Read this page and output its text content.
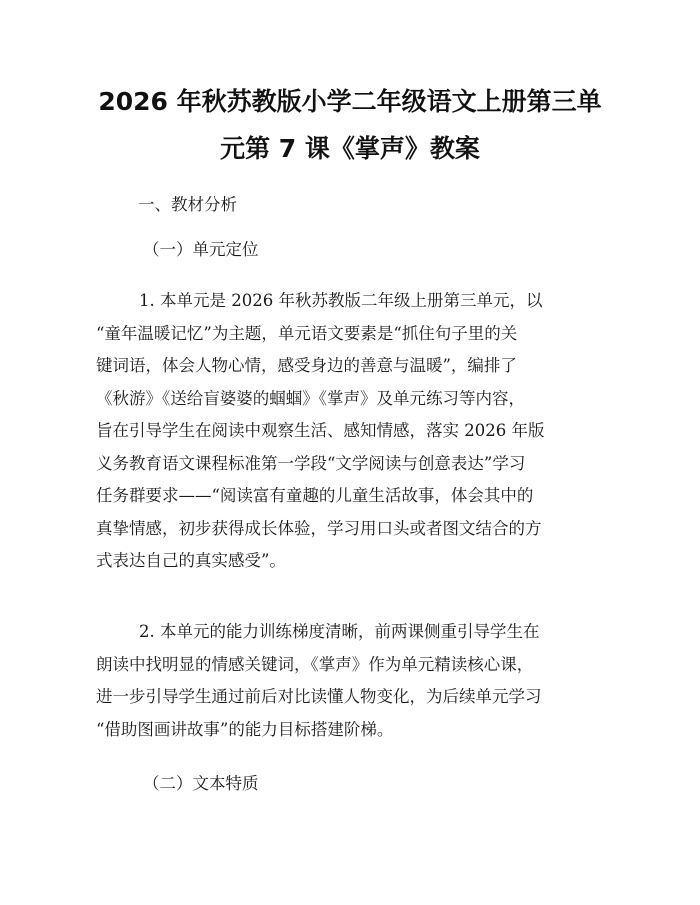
2026 年秋苏教版小学二年级语文上册第三单
元第 7 课《掌声》教案

一、教材分析

（一）单元定位

1. 本单元是 2026 年秋苏教版二年级上册第三单元，以
“童年温暖记忆”为主题，单元语文要素是“抓住句子里的关
键词语，体会人物心情，感受身边的善意与温暖”，编排了
《秋游》《送给盲婆婆的蝈蝈》《掌声》及单元练习等内容，
旨在引导学生在阅读中观察生活、感知情感，落实 2026 年版
义务教育语文课程标准第一学段“文学阅读与创意表达”学习
任务群要求——“阅读富有童趣的儿童生活故事，体会其中的
真挚情感，初步获得成长体验，学习用口头或者图文结合的方
式表达自己的真实感受”。
2. 本单元的能力训练梯度清晰，前两课侧重引导学生在
朗读中找明显的情感关键词，《掌声》作为单元精读核心课，
进一步引导学生通过前后对比读懂人物变化，为后续单元学习
“借助图画讲故事”的能力目标搭建阶梯。

（二）文本特质
